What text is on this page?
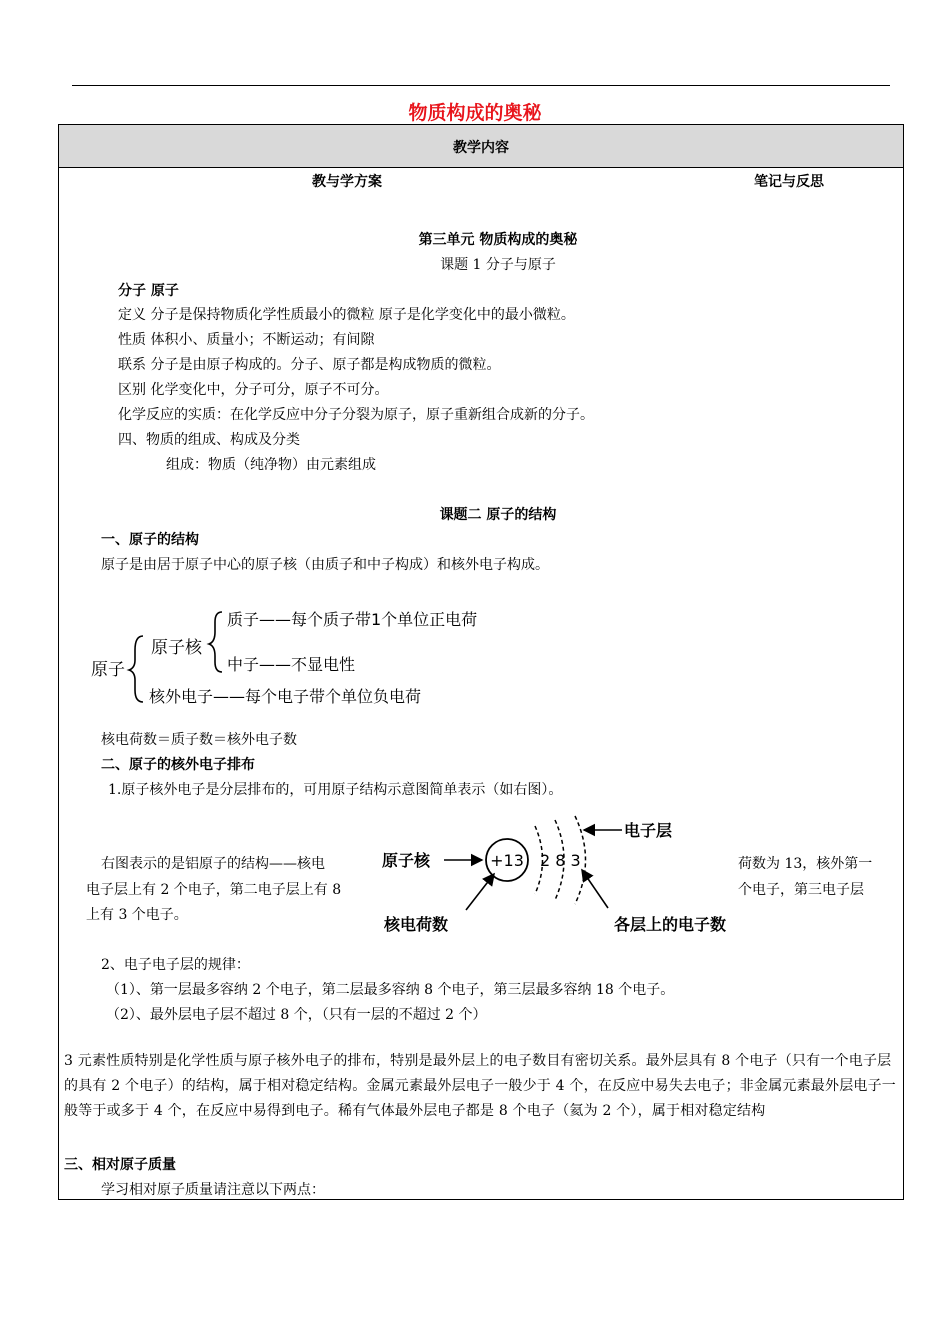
物质构成的奥秘
教学内容
教与学方案	笔记与反思
第三单元 物质构成的奥秘
课题 1 分子与原子
分子 原子
定义 分子是保持物质化学性质最小的微粒 原子是化学变化中的最小微粒。
性质 体积小、质量小；不断运动；有间隙
联系 分子是由原子构成的。分子、原子都是构成物质的微粒。
区别 化学变化中，分子可分，原子不可分。
化学反应的实质：在化学反应中分子分裂为原子，原子重新组合成新的分子。
四、物质的组成、构成及分类
组成：物质（纯净物）由元素组成
课题二 原子的结构
一、原子的结构
原子是由居于原子中心的原子核（由质子和中子构成）和核外电子构成。
原子
原子核
质子——每个质子带1个单位正电荷
中子——不显电性
核外电子——每个电子带个单位负电荷
核电荷数＝质子数＝核外电子数
二、原子的核外电子排布
1.原子核外电子是分层排布的，可用原子结构示意图简单表示（如右图）。
右图表示的是铝原子的结构——核电	荷数为 13，核外第一
电子层上有 2 个电子，第二电子层上有 8	个电子，第三电子层
上有 3 个电子。
原子核	+13 2 8 3
电子层
核电荷数	各层上的电子数
2、电子电子层的规律：
（1）、第一层最多容纳 2 个电子，第二层最多容纳 8 个电子，第三层最多容纳 18 个电子。
（2）、最外层电子层不超过 8 个，（只有一层的不超过 2 个）
3 元素性质特别是化学性质与原子核外电子的排布，特别是最外层上的电子数目有密切关系。最外层具有 8 个电子（只有一个电子层的具有 2 个电子）的结构，属于相对稳定结构。金属元素最外层电子一般少于 4 个，在反应中易失去电子；非金属元素最外层电子一般等于或多于 4 个，在反应中易得到电子。稀有气体最外层电子都是 8 个电子（氦为 2 个），属于相对稳定结构
三、相对原子质量
学习相对原子质量请注意以下两点：
